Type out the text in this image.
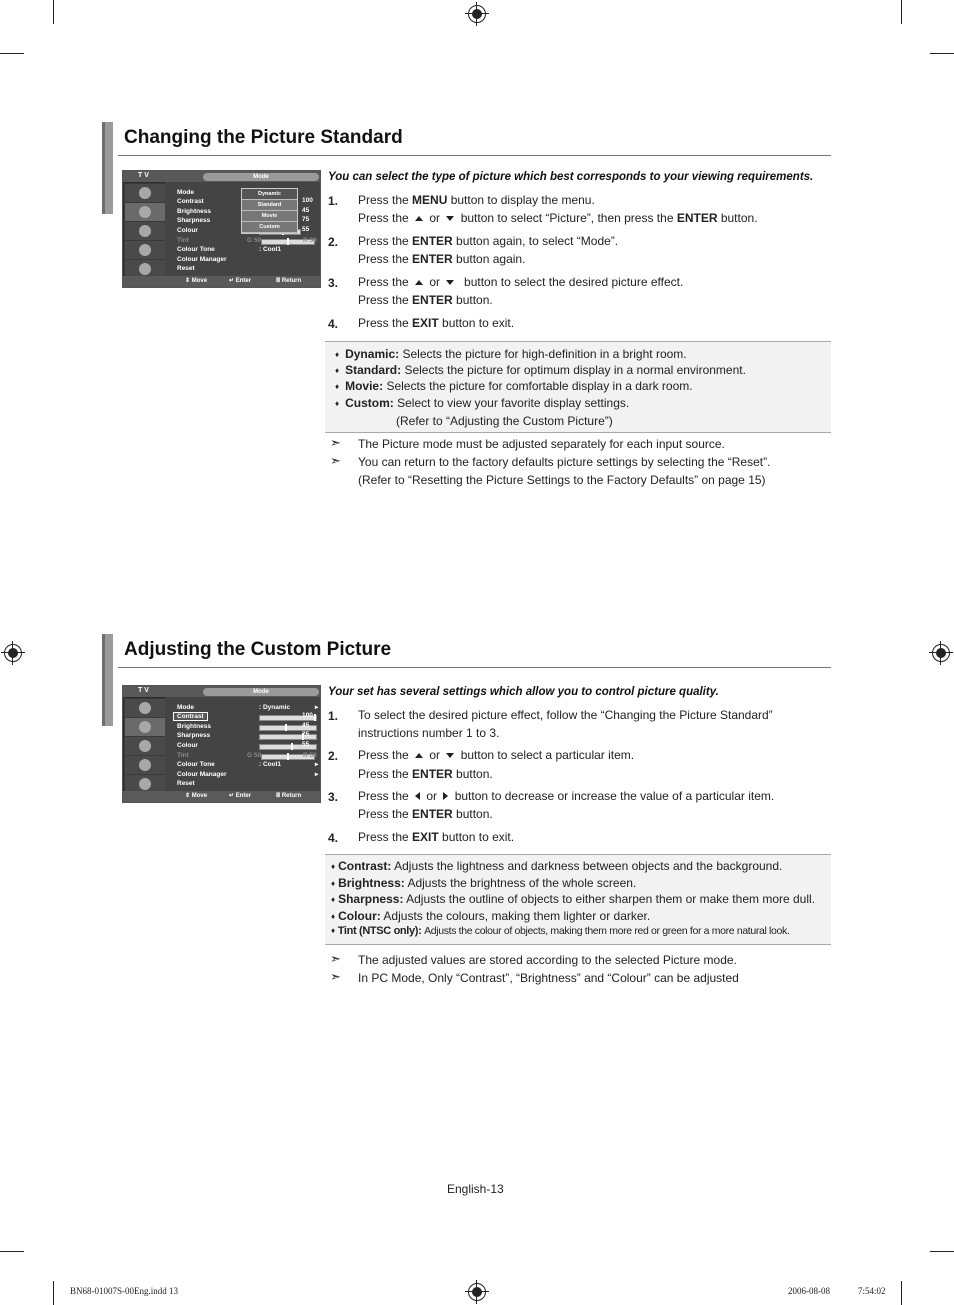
Changing the Picture Standard
T V	Mode
Mode
Contrast
Brightness
Sharpness
Colour
Tint
Colour Tone
Colour Manager
Reset
100
45
75
55
G 50	R 50
: Cool1
Dynamic
Standard
Movie
Custom
⇕ Move	↵ Enter	Ⅲ Return
You can select the type of picture which best corresponds to your viewing requirements.
1. Press the MENU button to display the menu.
Press the  or  button to select “Picture”, then press the ENTER button.
2. Press the ENTER button again, to select “Mode”.
Press the ENTER button again.
3. Press the  or   button to select the desired picture effect.
Press the ENTER button.
4. Press the EXIT button to exit.
♦ Dynamic: Selects the picture for high-definition in a bright room.
♦ Standard: Selects the picture for optimum display in a normal environment.
♦ Movie: Selects the picture for comfortable display in a dark room.
♦ Custom: Select to view your favorite display settings.
(Refer to “Adjusting the Custom Picture”)
➣ The Picture mode must be adjusted separately for each input source.
➣ You can return to the factory defaults picture settings by selecting the “Reset”.
(Refer to “Resetting the Picture Settings to the Factory Defaults” on page 15)
Adjusting the Custom Picture
T V	Mode
Mode
Contrast
Brightness
Sharpness
Colour
Tint
Colour Tone
Colour Manager
Reset
: Dynamic	▸
100
45
75
55
G 50	R 50
: Cool1	▸
▸
⇕ Move	↵ Enter	Ⅲ Return
Your set has several settings which allow you to control picture quality.
1. To select the desired picture effect, follow the “Changing the Picture Standard”
instructions number 1 to 3.
2. Press the  or  button to select a particular item.
Press the ENTER button.
3. Press the  or  button to decrease or increase the value of a particular item.
Press the ENTER button.
4. Press the EXIT button to exit.
♦ Contrast: Adjusts the lightness and darkness between objects and the background.
♦ Brightness: Adjusts the brightness of the whole screen.
♦ Sharpness: Adjusts the outline of objects to either sharpen them or make them more dull.
♦ Colour: Adjusts the colours, making them lighter or darker.
♦ Tint (NTSC only): Adjusts the colour of objects, making them more red or green for a more natural look.
➣ The adjusted values are stored according to the selected Picture mode.
➣ In PC Mode, Only “Contrast”, “Brightness” and “Colour” can be adjusted
English-13
BN68-01007S-00Eng.indd 13	2006-08-08	7:54:02
